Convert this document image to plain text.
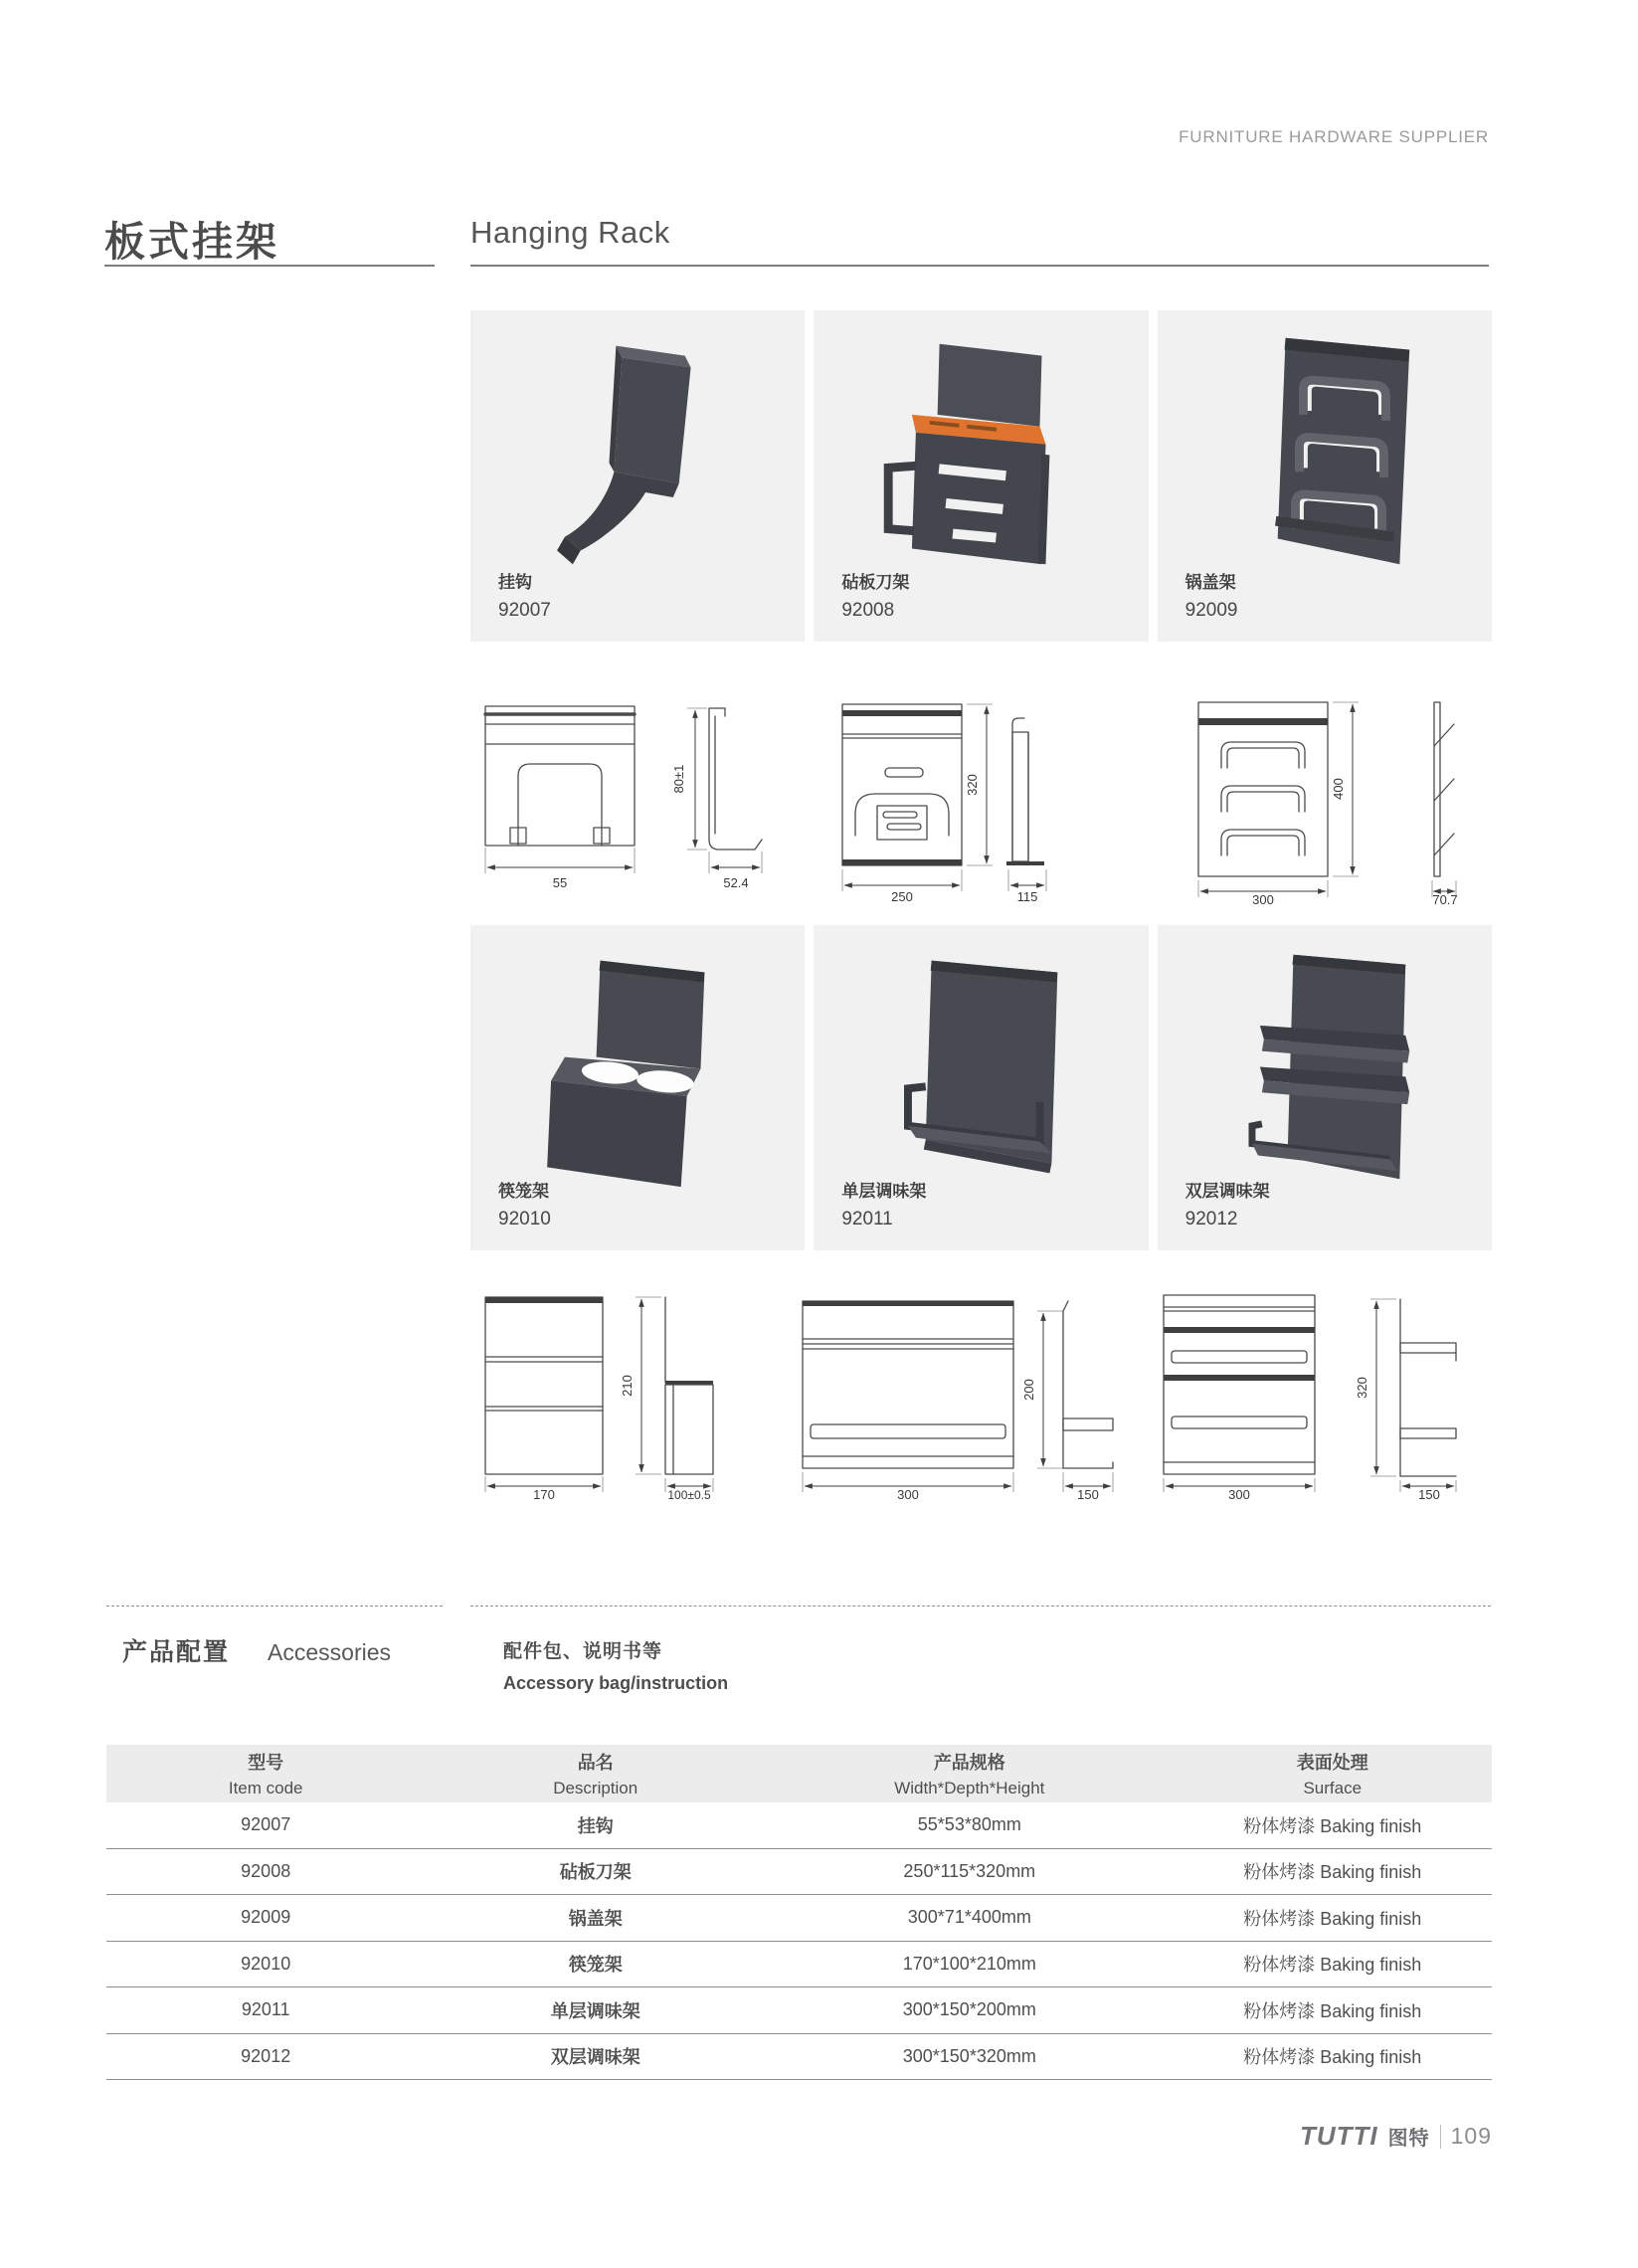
FURNITURE HARDWARE SUPPLIER
板式挂架	Hanging Rack
挂钩
92007
砧板刀架
92008
锅盖架
92009
55
80±1
52.4
250
320
115
400
300	70.7
筷笼架
92010
单层调味架
92011
双层调味架
92012
170
210
100±0.5	300
200
150	300
320
150
产品配置 Accessories	配件包、说明书等
Accessory bag/instruction
型号
Item code
品名
Description
产品规格
Width*Depth*Height
表面处理
Surface
92007	挂钩	55*53*80mm	粉体烤漆 Baking finish
92008	砧板刀架	250*115*320mm	粉体烤漆 Baking finish
92009	锅盖架	300*71*400mm	粉体烤漆 Baking finish
92010	筷笼架	170*100*210mm	粉体烤漆 Baking finish
92011	单层调味架	300*150*200mm	粉体烤漆 Baking finish
92012	双层调味架	300*150*320mm	粉体烤漆 Baking finish
TUTTI 图特 109
